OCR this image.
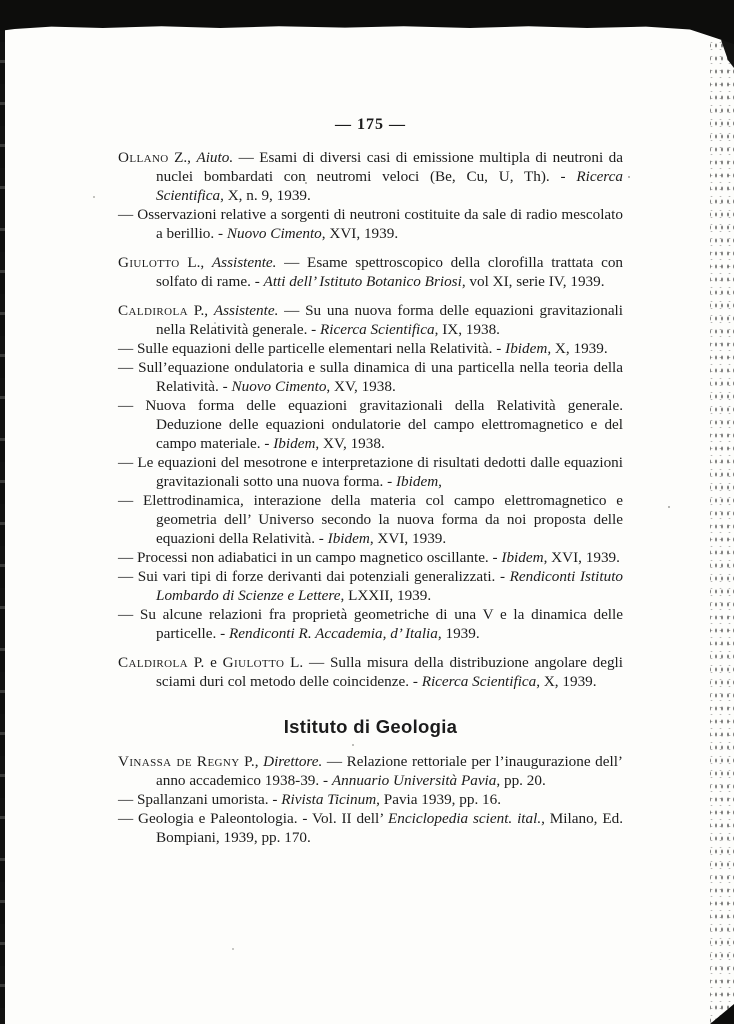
— 175 —

Ollano Z., Aiuto. — Esami di diversi casi di emissione multipla di neutroni da nuclei bombardati con neutromi veloci (Be, Cu, U, Th). - Ricerca Scientifica, X, n. 9, 1939.

— Osservazioni relative a sorgenti di neutroni costituite da sale di radio mescolato a berillio. - Nuovo Cimento, XVI, 1939.

Giulotto L., Assistente. — Esame spettroscopico della clorofilla trattata con solfato di rame. - Atti dell’ Istituto Botanico Briosi, vol XI, serie IV, 1939.

Caldirola P., Assistente. — Su una nuova forma delle equazioni gravitazionali nella Relatività generale. - Ricerca Scientifica, IX, 1938.

— Sulle equazioni delle particelle elementari nella Relatività. - Ibidem, X, 1939.

— Sull’equazione ondulatoria e sulla dinamica di una particella nella teoria della Relatività. - Nuovo Cimento, XV, 1938.

— Nuova forma delle equazioni gravitazionali della Relatività generale. Deduzione delle equazioni ondulatorie del campo elettromagnetico e del campo materiale. - Ibidem, XV, 1938.

— Le equazioni del mesotrone e interpretazione di risultati dedotti dalle equazioni gravitazionali sotto una nuova forma. - Ibidem,

— Elettrodinamica, interazione della materia col campo elettromagnetico e geometria dell’ Universo secondo la nuova forma da noi proposta delle equazioni della Relatività. - Ibidem, XVI, 1939.

— Processi non adiabatici in un campo magnetico oscillante. - Ibidem, XVI, 1939.

— Sui vari tipi di forze derivanti dai potenziali generalizzati. - Rendiconti Istituto Lombardo di Scienze e Lettere, LXXII, 1939.

— Su alcune relazioni fra proprietà geometriche di una V e la dinamica delle particelle. - Rendiconti R. Accademia, d’ Italia, 1939.

Caldirola P. e Giulotto L. — Sulla misura della distribuzione angolare degli sciami duri col metodo delle coincidenze. - Ricerca Scientifica, X, 1939.

Istituto di Geologia

Vinassa de Regny P., Direttore. — Relazione rettoriale per l’inaugurazione dell’ anno accademico 1938-39. - Annuario Università Pavia, pp. 20.

— Spallanzani umorista. - Rivista Ticinum, Pavia 1939, pp. 16.

— Geologia e Paleontologia. - Vol. II dell’ Enciclopedia scient. ital., Milano, Ed. Bompiani, 1939, pp. 170.
